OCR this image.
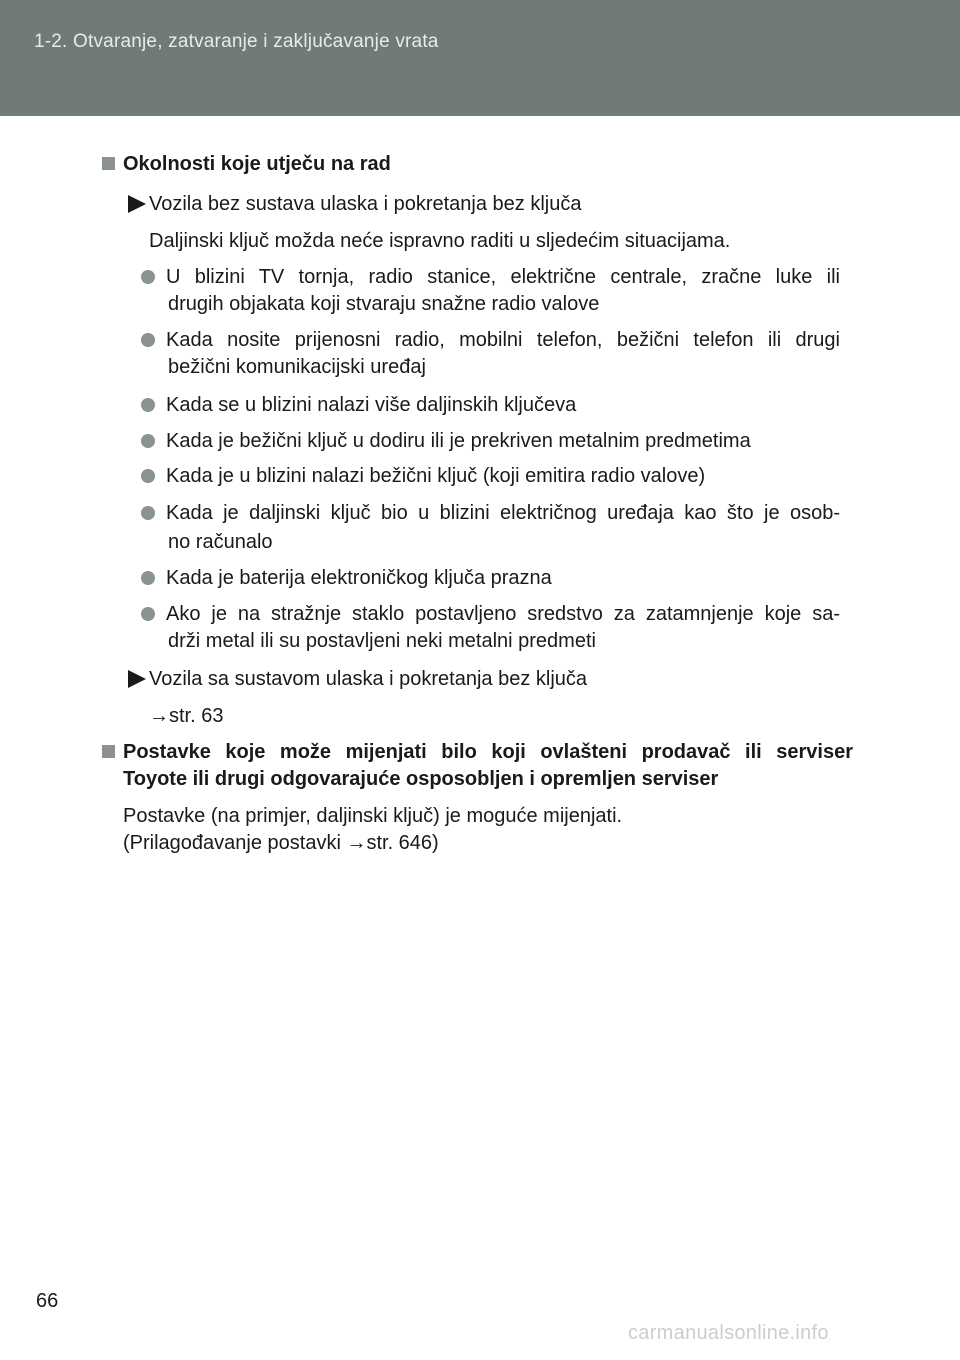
1-2. Otvaranje, zatvaranje i zaključavanje vrata
Okolnosti koje utječu na rad
Vozila bez sustava ulaska i pokretanja bez ključa
Daljinski ključ možda neće ispravno raditi u sljedećim situacijama.
U blizini TV tornja, radio stanice, električne centrale, zračne luke ili
drugih objakata koji stvaraju snažne radio valove
Kada nosite prijenosni radio, mobilni telefon, bežični telefon ili drugi
bežični komunikacijski uređaj
Kada se u blizini nalazi više daljinskih ključeva
Kada je bežični ključ u dodiru ili je prekriven metalnim predmetima
Kada je u blizini nalazi bežični ključ (koji emitira radio valove)
Kada je daljinski ključ bio u blizini električnog uređaja kao što je osob-
no računalo
Kada je baterija elektroničkog ključa prazna
Ako je na stražnje staklo postavljeno sredstvo za zatamnjenje koje sa-
drži metal ili su postavljeni neki metalni predmeti
Vozila sa sustavom ulaska i pokretanja bez ključa
→str. 63
Postavke koje može mijenjati bilo koji ovlašteni prodavač ili serviser
Toyote ili drugi odgovarajuće osposobljen i opremljen serviser
Postavke (na primjer, daljinski ključ) je moguće mijenjati.
(Prilagođavanje postavki →str. 646)
66
carmanualsonline.info
